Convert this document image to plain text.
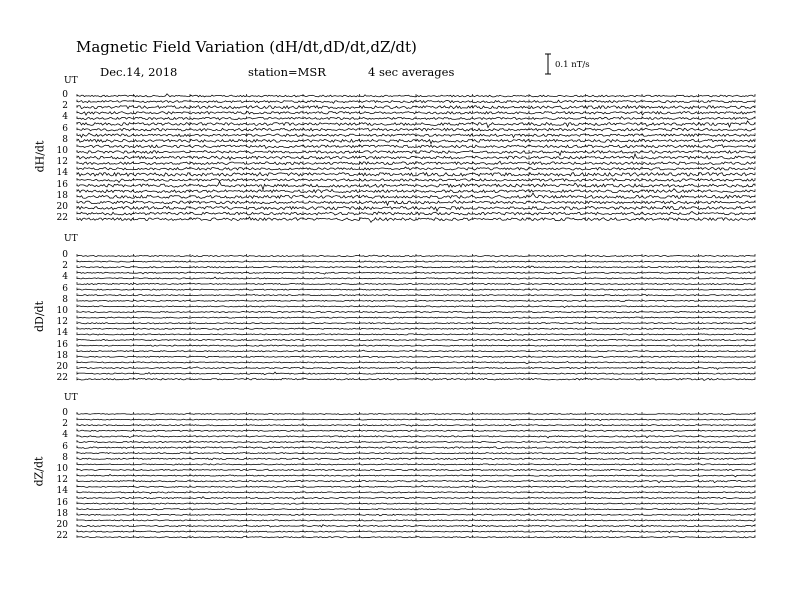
Magnetic Field Variation (dH/dt,dD/dt,dZ/dt)
Dec.14, 2018	station=MSR	4 sec averages	0.1 nT/s
UT
UT
UT
dH/dt
dD/dt
dZ/dt
0
2
4
6
8
10
12
14
16
18
20
22
0
2
4
6
8
10
12
14
16
18
20
22
0
2
4
6
8
10
12
14
16
18
20
22
